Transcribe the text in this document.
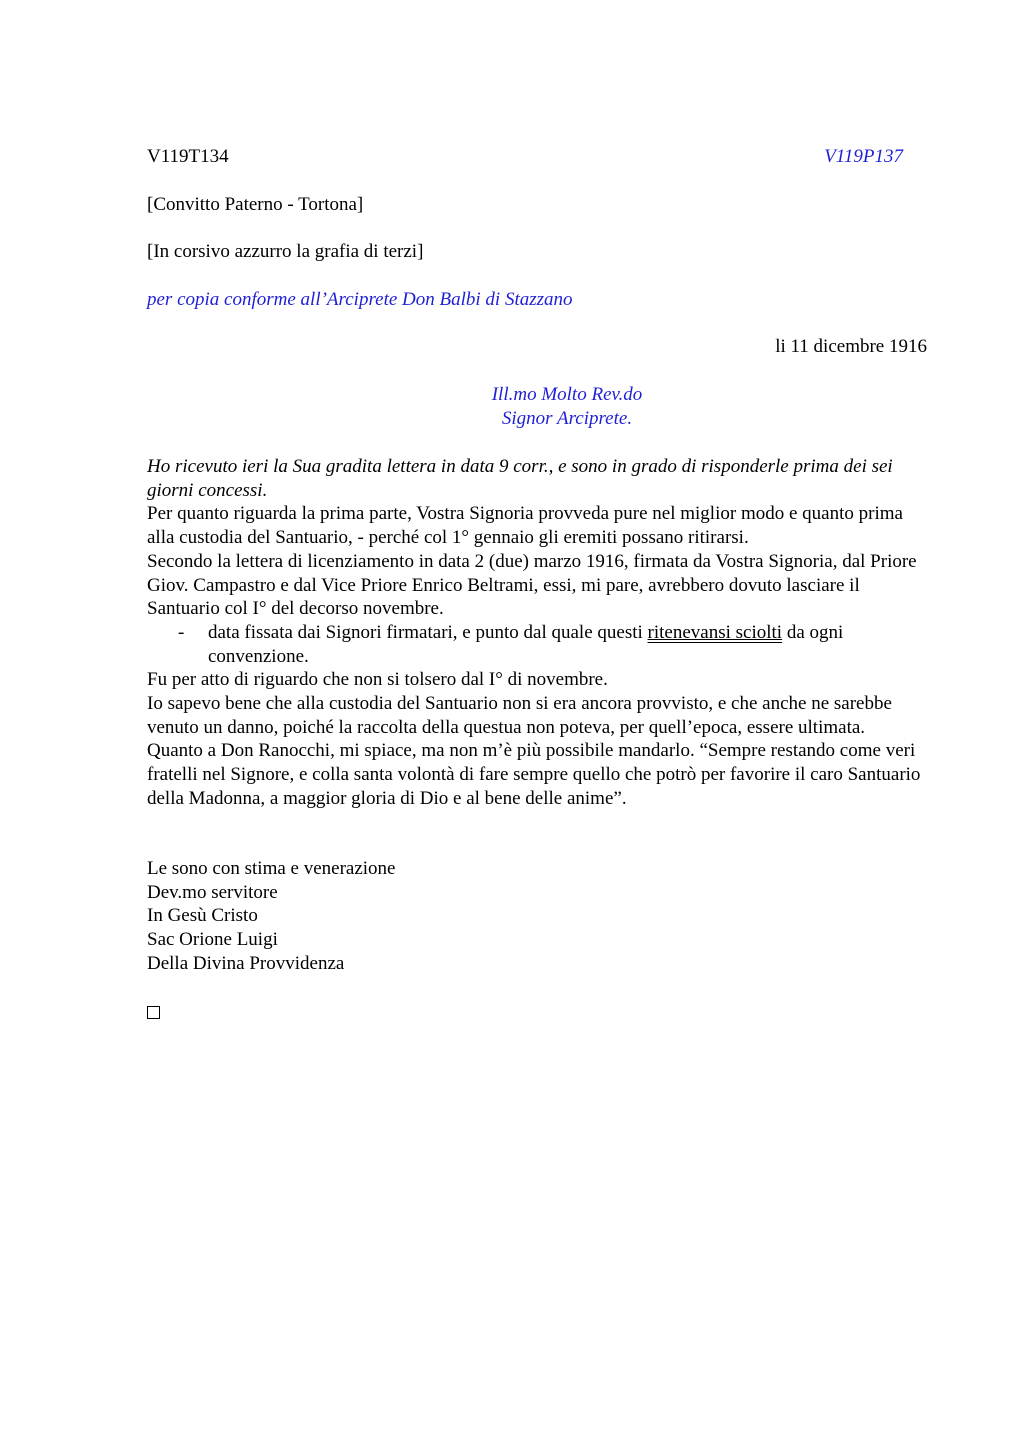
V119T134	V119P137
[Convitto Paterno - Tortona]
[In corsivo azzurro la grafia di terzi]
per copia conforme all’Arciprete Don Balbi di Stazzano
li 11 dicembre 1916
Ill.mo Molto Rev.do
Signor Arciprete.

Ho ricevuto ieri la Sua gradita lettera in data 9 corr., e sono in grado di risponderle prima dei sei giorni concessi.

Per quanto riguarda la prima parte, Vostra Signoria provveda pure nel miglior modo e quanto prima alla custodia del Santuario, - perché col 1° gennaio gli eremiti possano ritirarsi.

Secondo la lettera di licenziamento in data 2 (due) marzo 1916, firmata da Vostra Signoria, dal Priore Giov. Campastro e dal Vice Priore Enrico Beltrami, essi, mi pare, avrebbero dovuto lasciare il Santuario col I° del decorso novembre.

- data fissata dai Signori firmatari, e punto dal quale questi ritenevansi sciolti da ogni convenzione.

Fu per atto di riguardo che non si tolsero dal I° di novembre.

Io sapevo bene che alla custodia del Santuario non si era ancora provvisto, e che anche ne sarebbe venuto un danno, poiché la raccolta della questua non poteva, per quell’epoca, essere ultimata.

Quanto a Don Ranocchi, mi spiace, ma non m’è più possibile mandarlo. “Sempre restando come veri fratelli nel Signore, e colla santa volontà di fare sempre quello che potrò per favorire il caro Santuario della Madonna, a maggior gloria di Dio e al bene delle anime”.

Le sono con stima e venerazione
Dev.mo servitore
In Gesù Cristo
Sac Orione Luigi
Della Divina Provvidenza
